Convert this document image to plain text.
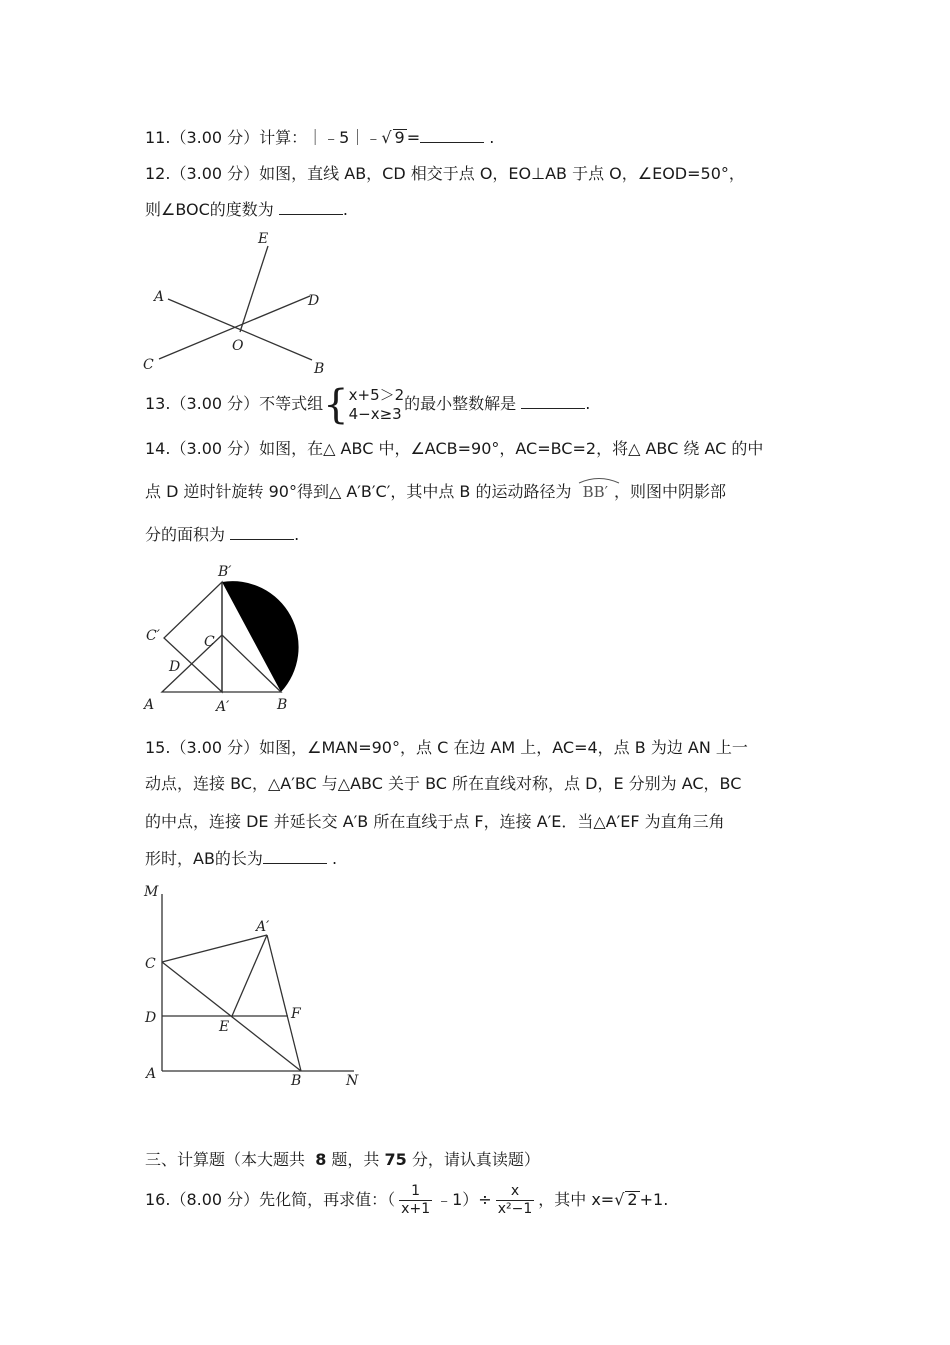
11.（3.00 分）计算：｜﹣5｜﹣√ 9 =	.
12.（3.00 分）如图，直线 AB，CD 相交于点 O，EO⊥AB 于点 O，∠EOD=50°，
则∠BOC的度数为	.
E
A	D
C
O
B
13.（3.00 分）不等式组{ x+5＞2
4−x≥3
的最小整数解是	.
14.（3.00 分）如图，在△ ABC 中，∠ACB=90°，AC=BC=2，将△ ABC 绕 AC 的中
点 D 逆时针旋转 90°得到△ A′B′C′，其中点 B 的运动路径为 BB′ ，则图中阴影部
分的面积为	.
B′
C′	C
D
A	A′	B
15.（3.00 分）如图，∠MAN=90°，点 C 在边 AM 上，AC=4，点 B 为边 AN 上一
动点，连接 BC，△A′BC 与△ABC 关于 BC 所在直线对称，点 D，E 分别为 AC，BC
的中点，连接 DE 并延长交 A′B 所在直线于点 F，连接 A′E．当△A′EF 为直角三角
形时，AB的长为	.
M
A′
C
D
E
F
A	B	N
三、计算题（本大题共 8 题，共 75 分，请认真读题）
16.（8.00 分）先化简，再求值：（ $\frac{1}{x+1}$ ﹣1）÷ $\frac{x}{\text{x²−1}}$ ，其中 x=√ 2 +1.
